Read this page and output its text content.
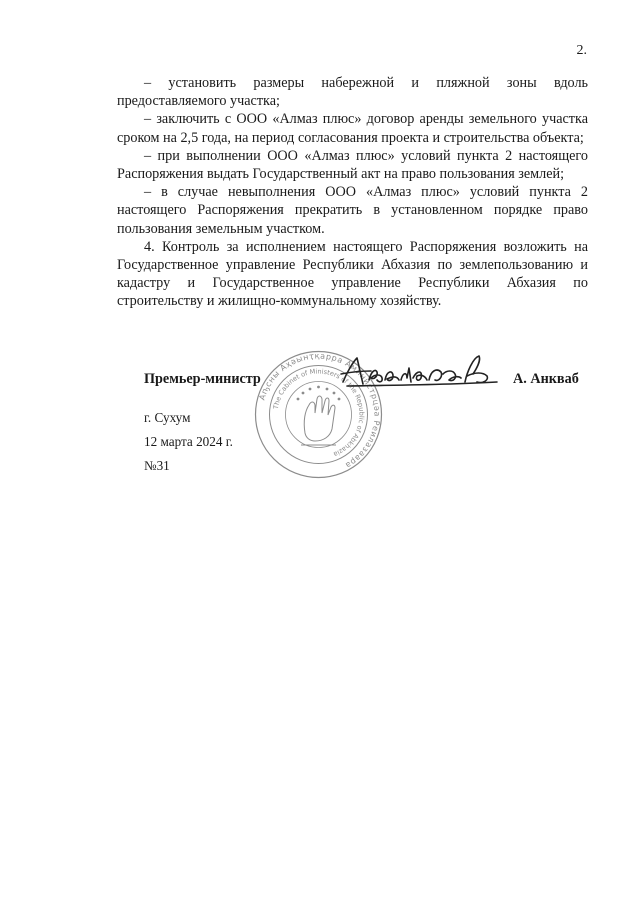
2.

– установить размеры набережной и пляжной зоны вдоль предоставляемого участка;

– заключить с ООО «Алмаз плюс» договор аренды земельного участка сроком на 2,5 года, на период согласования проекта и строительства объекта;

– при выполнении ООО «Алмаз плюс» условий пункта 2 настоящего Распоряжения выдать Государственный акт на право пользования землей;

– в случае невыполнения ООО «Алмаз плюс» условий пункта 2 настоящего Распоряжения прекратить в установленном порядке право пользования земельным участком.

4. Контроль за исполнением настоящего Распоряжения возложить на Государственное управление Республики Абхазия по землепользованию и кадастру и Государственное управление Республики Абхазия по строительству и жилищно-коммунальному хозяйству.

Премьер-министр
Аҧсны Аҳәынҭқарра Аминистрцәа Реилазаара
The Cabinet of Ministers of the Republic of Abkhazia
А. Анкваб
г. Сухум
12 марта 2024 г.
№31
